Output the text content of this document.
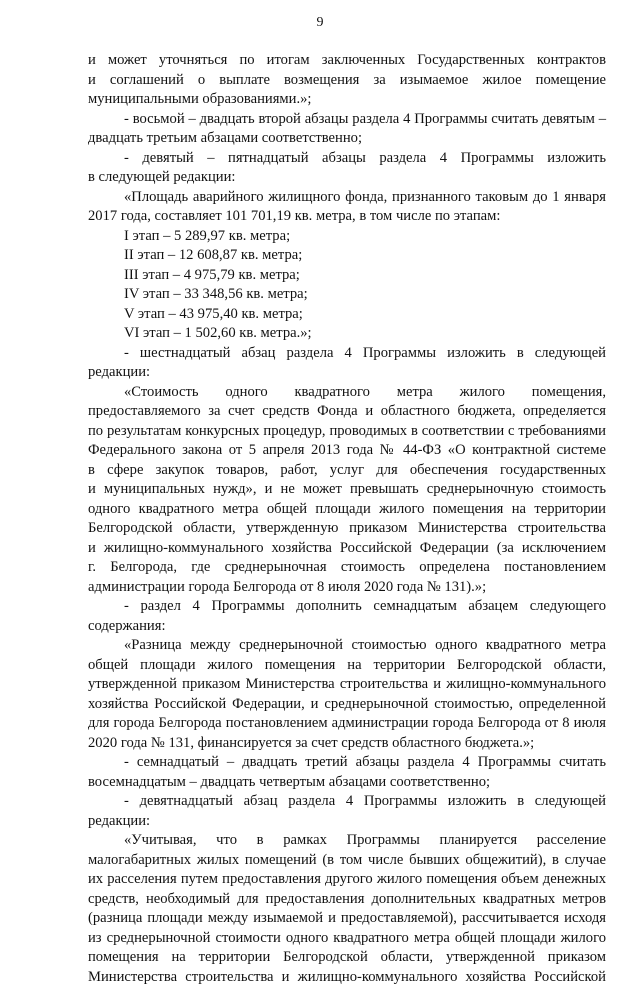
9
и может уточняться по итогам заключенных Государственных контрактов
и соглашений о выплате возмещения за изымаемое жилое помещение
муниципальными образованиями.»;
- восьмой – двадцать второй абзацы раздела 4 Программы считать девятым –
двадцать третьим абзацами соответственно;
- девятый – пятнадцатый абзацы раздела 4 Программы изложить
в следующей редакции:
«Площадь аварийного жилищного фонда, признанного таковым до 1 января
2017 года, составляет 101 701,19 кв. метра, в том числе по этапам:
I этап – 5 289,97 кв. метра;
II этап – 12 608,87 кв. метра;
III этап – 4 975,79 кв. метра;
IV этап – 33 348,56 кв. метра;
V этап – 43 975,40 кв. метра;
VI этап – 1 502,60 кв. метра.»;
- шестнадцатый абзац раздела 4 Программы изложить в следующей
редакции:
«Стоимость одного квадратного метра жилого помещения,
предоставляемого за счет средств Фонда и областного бюджета, определяется
по результатам конкурсных процедур, проводимых в соответствии с требованиями
Федерального закона от 5 апреля 2013 года № 44-ФЗ «О контрактной системе
в сфере закупок товаров, работ, услуг для обеспечения государственных
и муниципальных нужд», и не может превышать среднерыночную стоимость
одного квадратного метра общей площади жилого помещения на территории
Белгородской области, утвержденную приказом Министерства строительства
и жилищно-коммунального хозяйства Российской Федерации (за исключением
г. Белгорода, где среднерыночная стоимость определена постановлением
администрации города Белгорода от 8 июля 2020 года № 131).»;
- раздел 4 Программы дополнить семнадцатым абзацем следующего
содержания:
«Разница между среднерыночной стоимостью одного квадратного метра
общей площади жилого помещения на территории Белгородской области,
утвержденной приказом Министерства строительства и жилищно-коммунального
хозяйства Российской Федерации, и среднерыночной стоимостью, определенной
для города Белгорода постановлением администрации города Белгорода от 8 июля
2020 года № 131, финансируется за счет средств областного бюджета.»;
- семнадцатый – двадцать третий абзацы раздела 4 Программы считать
восемнадцатым – двадцать четвертым абзацами соответственно;
- девятнадцатый абзац раздела 4 Программы изложить в следующей
редакции:
«Учитывая, что в рамках Программы планируется расселение
малогабаритных жилых помещений (в том числе бывших общежитий), в случае
их расселения путем предоставления другого жилого помещения объем денежных
средств, необходимый для предоставления дополнительных квадратных метров
(разница площади между изымаемой и предоставляемой), рассчитывается исходя
из среднерыночной стоимости одного квадратного метра общей площади жилого
помещения на территории Белгородской области, утвержденной приказом
Министерства строительства и жилищно-коммунального хозяйства Российской
